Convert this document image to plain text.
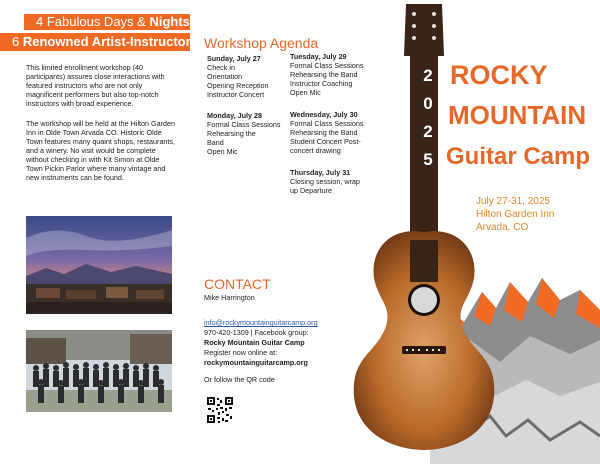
4 Fabulous Days & Nights
6 Renowned Artist-Instructors
This limited enrollment workshop (40 participants) assures close interactions with featured instructors who are not only magnificent performers but also top-notch instructors with broad experience.
The workshop will be held at the Hilton Garden Inn in Olde Town Arvada CO. Historic Olde Town features many quaint shops, restaurants, and a winery. No visit would be complete without checking in with Kit Simon at Olde Town Pickin Parlor where many vintage and new instruments can be found.
Workshop Agenda
Sunday, July 27
Check in
Orientation
Opening Reception
Instructor Concert
Monday, July 28
Formal Class Sessions
Rehearsing the
Band
Open Mic
Tuesday, July 29
Formal Class Sessions
Rehearsing the Band
Instructor Coaching
Open Mic
Wednesday, July 30
Formal Class Sessions
Rehearsing the Band
Student Concert Post-
concert drawing
Thursday, July 31
Closing session, wrap
up Departure
CONTACT
Mike Harrington
info@rockymountainguitarcamp.org
970-420-1309 | Facebook group:
Rocky Mountain Guitar Camp
Register now online at:
rockymountainguitarcamp.org
Or follow the QR code
2
0
2
5
ROCKY
MOUNTAIN
Guitar Camp
July 27-31, 2025
Hilton Garden Inn
Arvada, CO
